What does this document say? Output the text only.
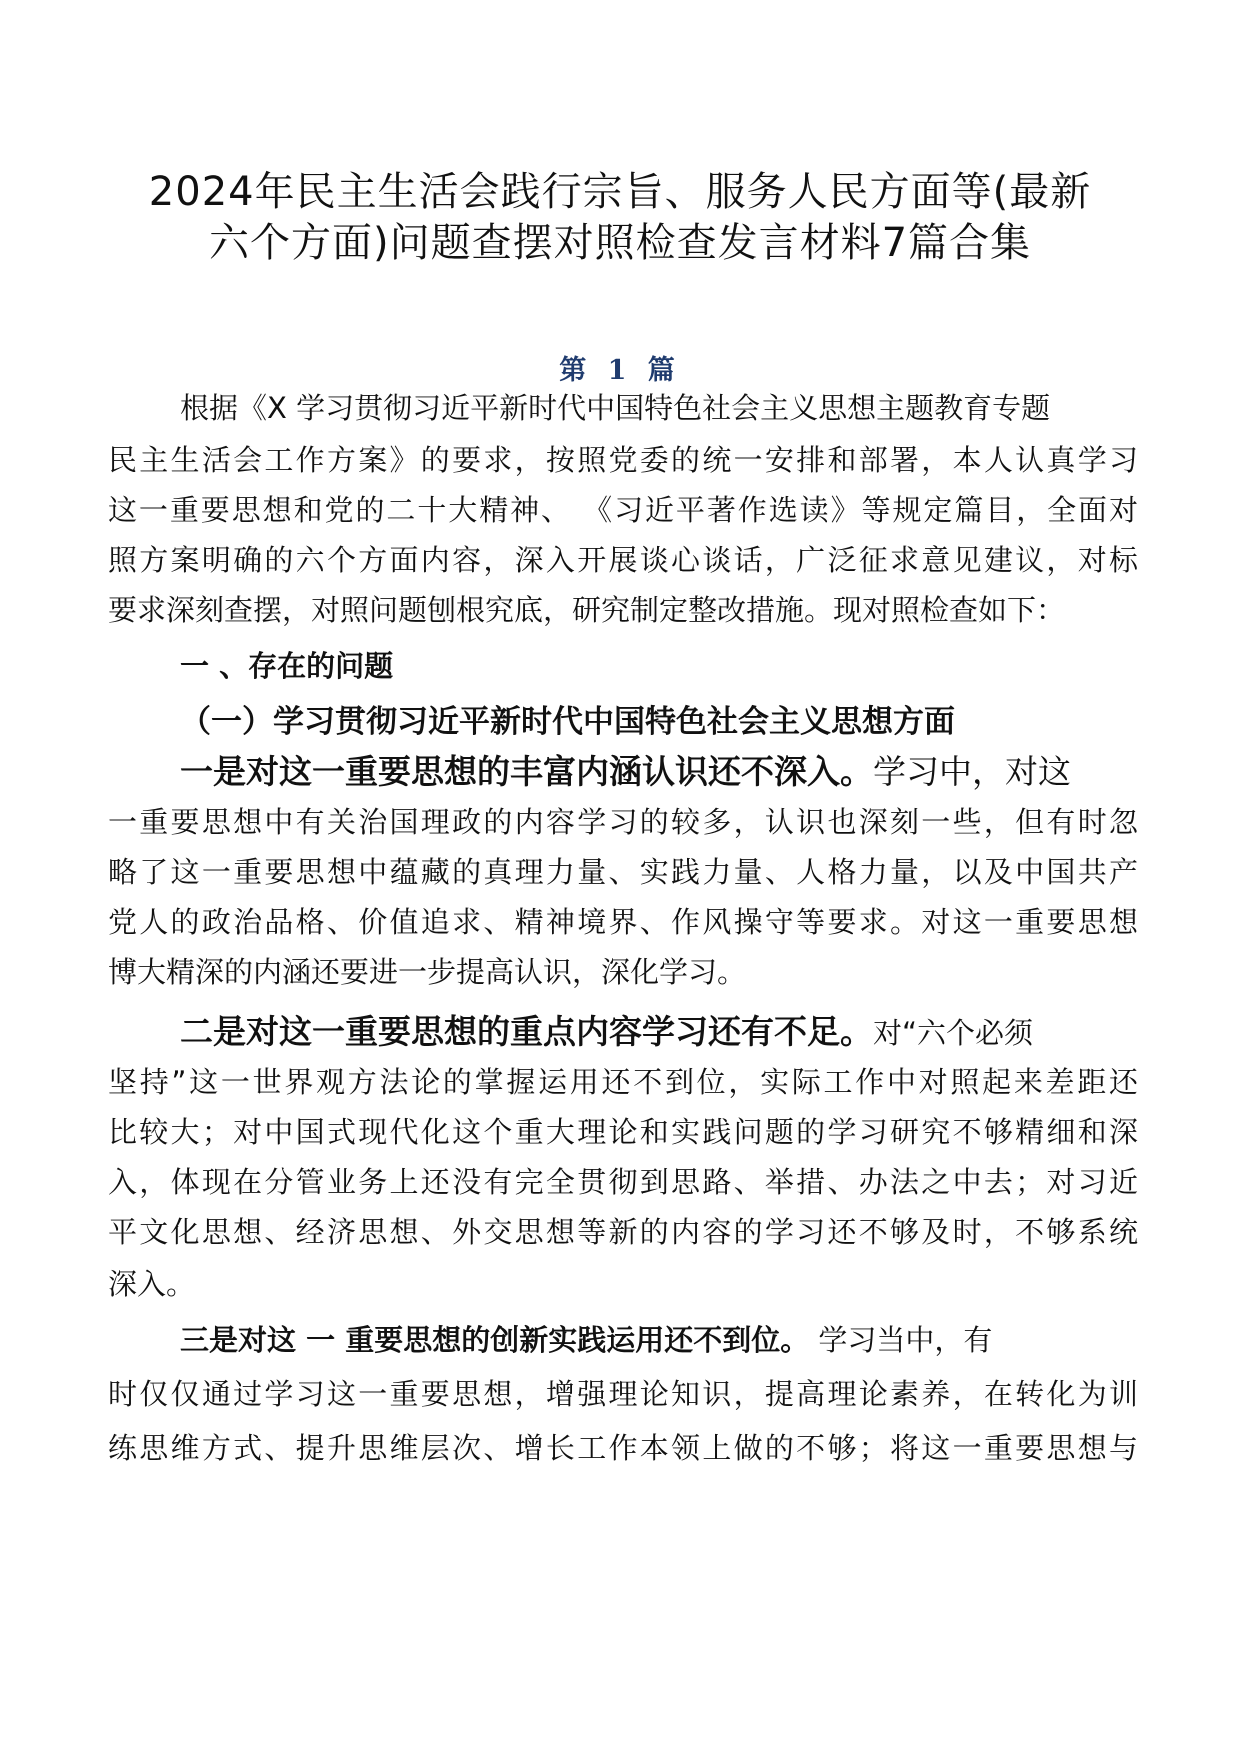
2024年民主生活会践行宗旨、服务人民方面等(最新
六个方面)问题查摆对照检查发言材料7篇合集
第 1 篇
根据《X 学习贯彻习近平新时代中国特色社会主义思想主题教育专题
民主生活会工作方案》的要求，按照党委的统一安排和部署，本人认真学习
这一重要思想和党的二十大精神、 《习近平著作选读》等规定篇目，全面对
照方案明确的六个方面内容，深入开展谈心谈话，广泛征求意见建议，对标
要求深刻查摆，对照问题刨根究底，研究制定整改措施。现对照检查如下：
一 、存在的问题
（一）学习贯彻习近平新时代中国特色社会主义思想方面
一是对这一重要思想的丰富内涵认识还不深入。学习中，对这
一重要思想中有关治国理政的内容学习的较多，认识也深刻一些，但有时忽
略了这一重要思想中蕴藏的真理力量、实践力量、人格力量，以及中国共产
党人的政治品格、价值追求、精神境界、作风操守等要求。对这一重要思想
博大精深的内涵还要进一步提高认识，深化学习。
二是对这一重要思想的重点内容学习还有不足。对“六个必须
坚持”这一世界观方法论的掌握运用还不到位，实际工作中对照起来差距还
比较大；对中国式现代化这个重大理论和实践问题的学习研究不够精细和深
入，体现在分管业务上还没有完全贯彻到思路、举措、办法之中去；对习近
平文化思想、经济思想、外交思想等新的内容的学习还不够及时，不够系统
深入。
三是对这 一 重要思想的创新实践运用还不到位。 学习当中，有
时仅仅通过学习这一重要思想，增强理论知识，提高理论素养，在转化为训
练思维方式、提升思维层次、增长工作本领上做的不够；将这一重要思想与
